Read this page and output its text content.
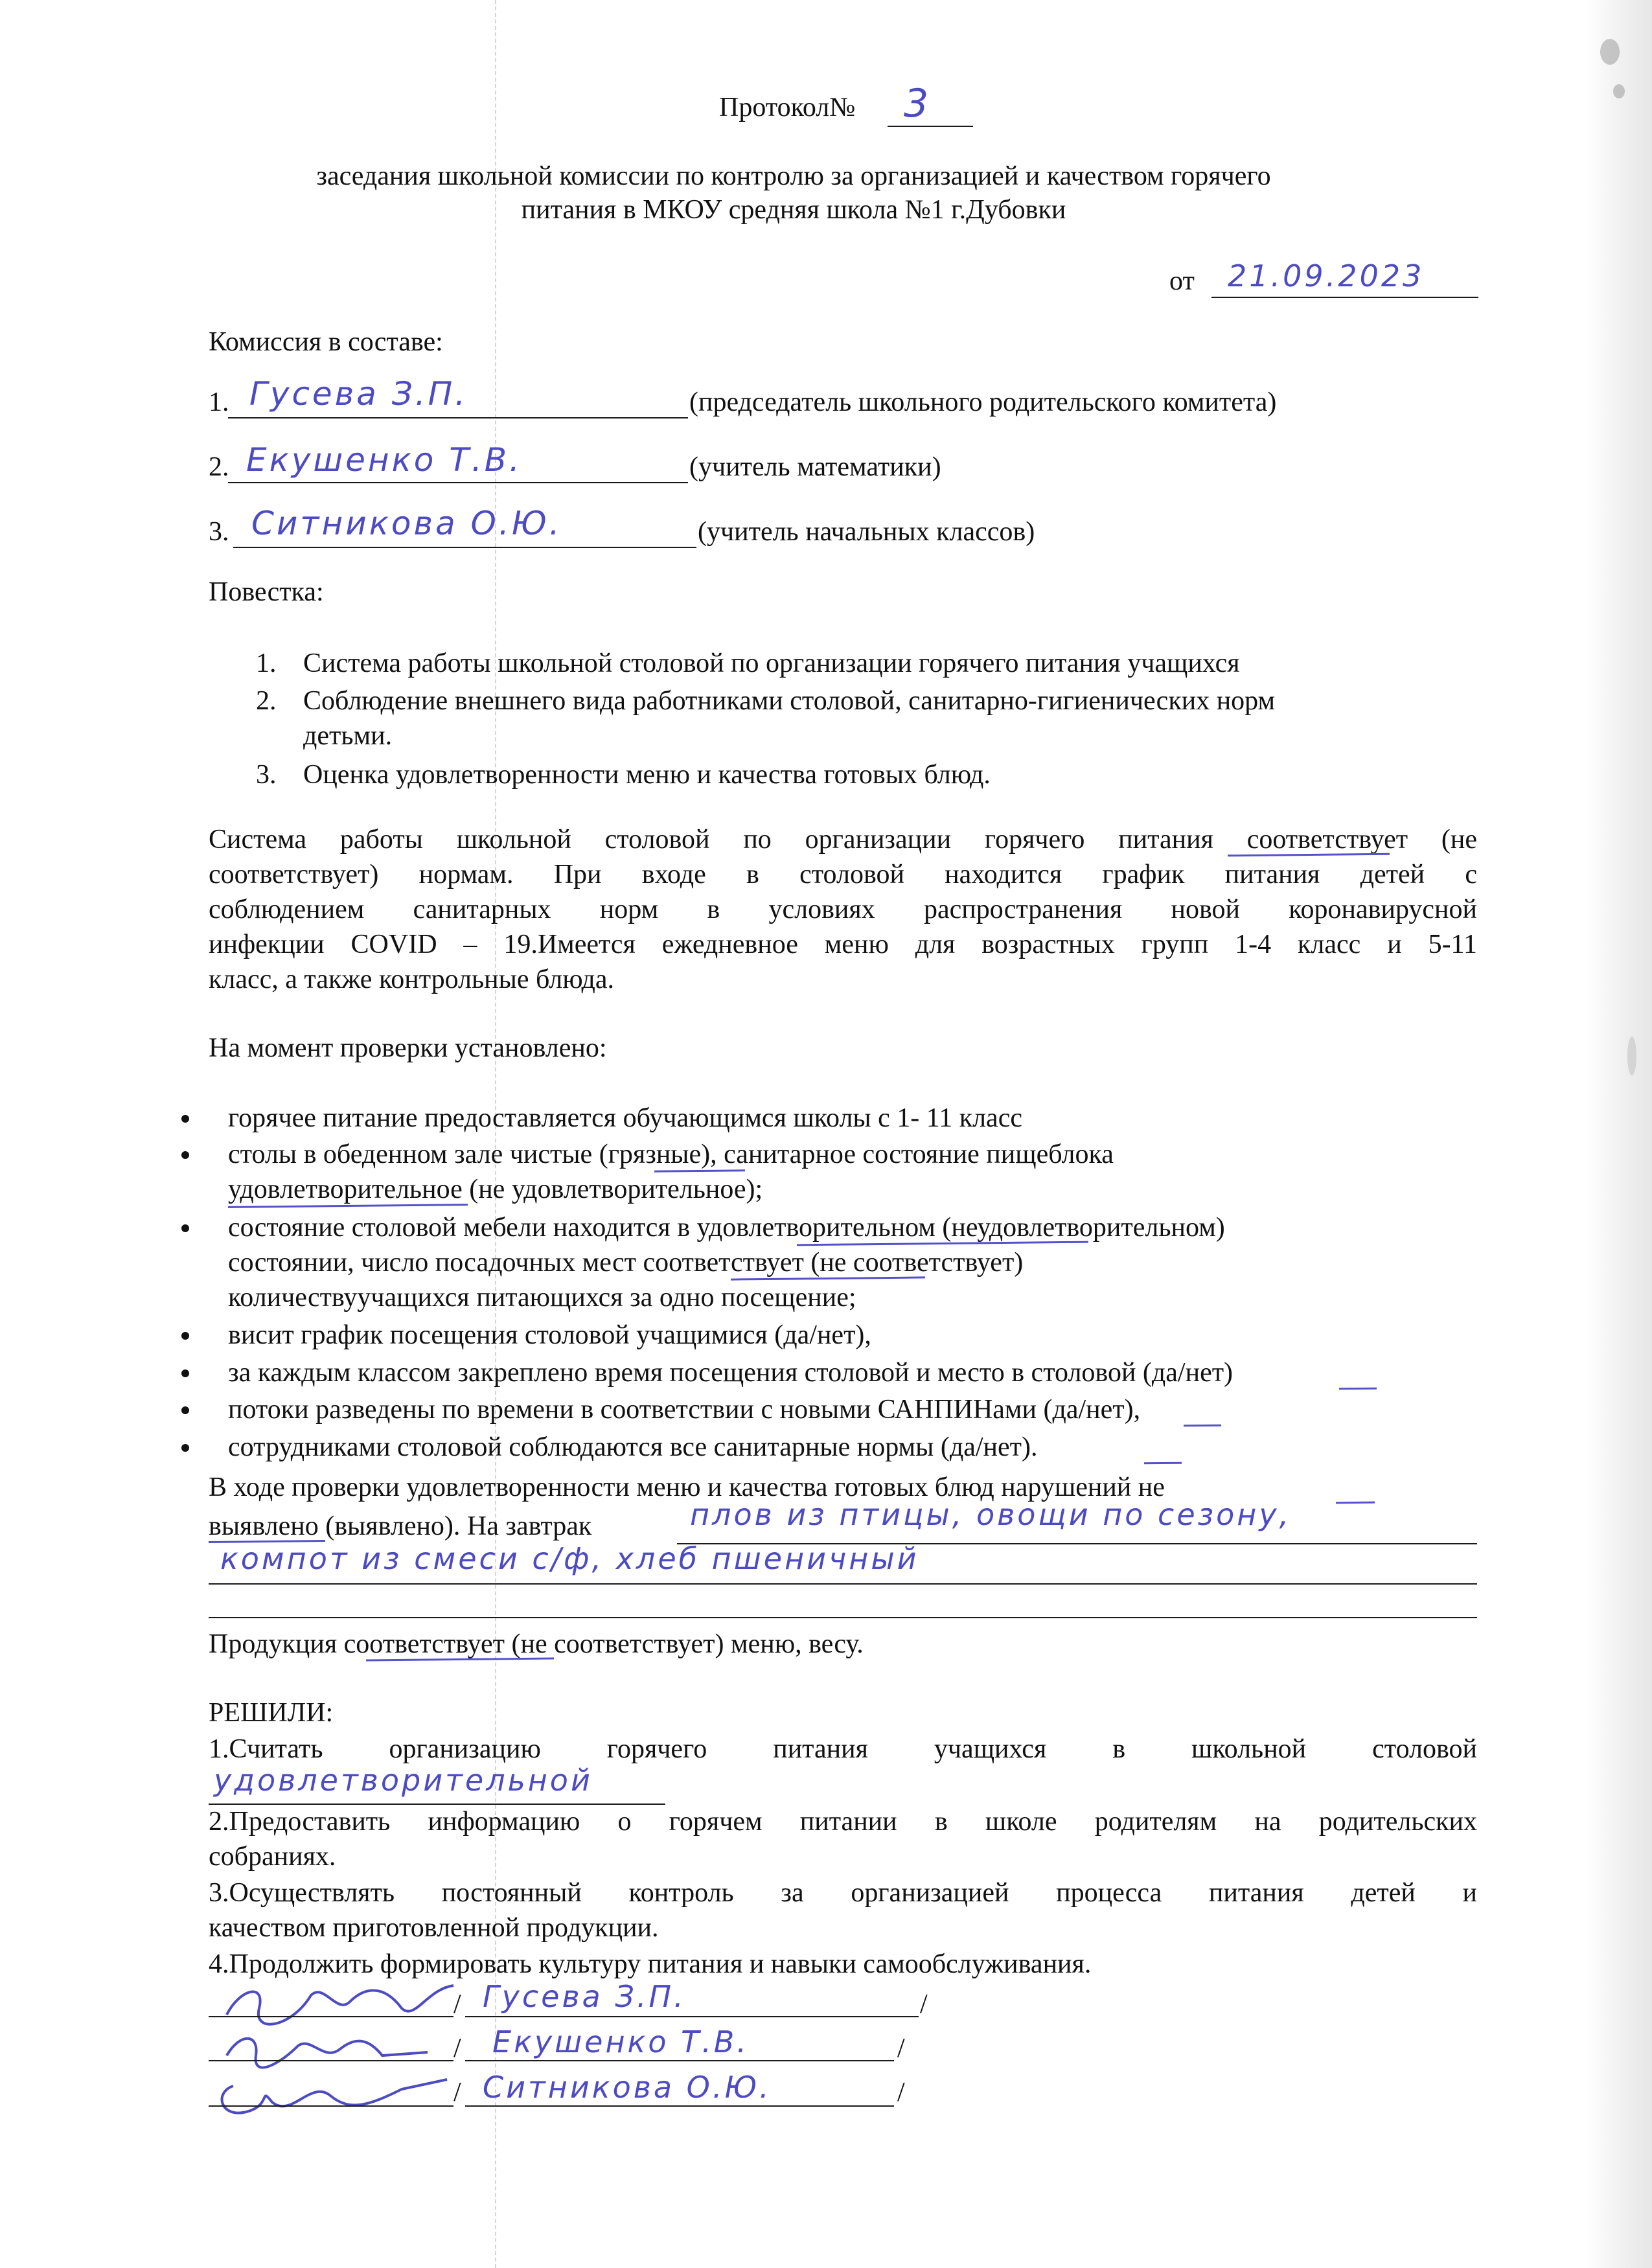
Протокол№ 3
заседания школьной комиссии по контролю за организацией и качеством горячего
питания в МКОУ средняя школа №1 г.Дубовки
от 21.09.2023
Комиссия в составе:
1. Гусева З.П.	(председатель школьного родительского комитета)
2. Екушенко Т.В.	(учитель математики)
3. Ситникова О.Ю.	(учитель начальных классов)
Повестка:
1. Система работы школьной столовой по организации горячего питания учащихся
2. Соблюдение внешнего вида работниками столовой, санитарно-гигиенических норм
детьми.
3. Оценка удовлетворенности меню и качества готовых блюд.
Система работы школьной столовой по организации горячего питания соответствует (не
соответствует) нормам. При входе в столовой находится график питания детей с
соблюдением санитарных норм в условиях распространения новой коронавирусной
инфекции COVID – 19.Имеется ежедневное меню для возрастных групп 1-4 класс и 5-11
класс, а также контрольные блюда.
На момент проверки установлено:
горячее питание предоставляется обучающимся школы с 1- 11 класс
столы в обеденном зале чистые (грязные), санитарное состояние пищеблока
удовлетворительное (не удовлетворительное);
состояние столовой мебели находится в удовлетворительном (неудовлетворительном)
состоянии, число посадочных мест соответствует (не соответствует)
количествуучащихся питающихся за одно посещение;
висит график посещения столовой учащимися (да/нет),
за каждым классом закреплено время посещения столовой и место в столовой (да/нет)
потоки разведены по времени в соответствии с новыми САНПИНами (да/нет),
сотрудниками столовой соблюдаются все санитарные нормы (да/нет).
В ходе проверки удовлетворенности меню и качества готовых блюд нарушений не
выявлено (выявлено). На завтрак	плов из птицы, овощи по сезону,
компот из смеси с/ф, хлеб пшеничный
Продукция соответствует (не соответствует) меню, весу.
РЕШИЛИ:
1.Считать организацию горячего питания учащихся в школьной столовой
удовлетворительной
2.Предоставить информацию о горячем питании в школе родителям на родительских
собраниях.
3.Осуществлять постоянный контроль за организацией процесса питания детей и
качеством приготовленной продукции.
4.Продолжить формировать культуру питания и навыки самообслуживания.
/ Гусева З.П.	/
/ Екушенко Т.В.	/
/ Ситникова О.Ю.	/
